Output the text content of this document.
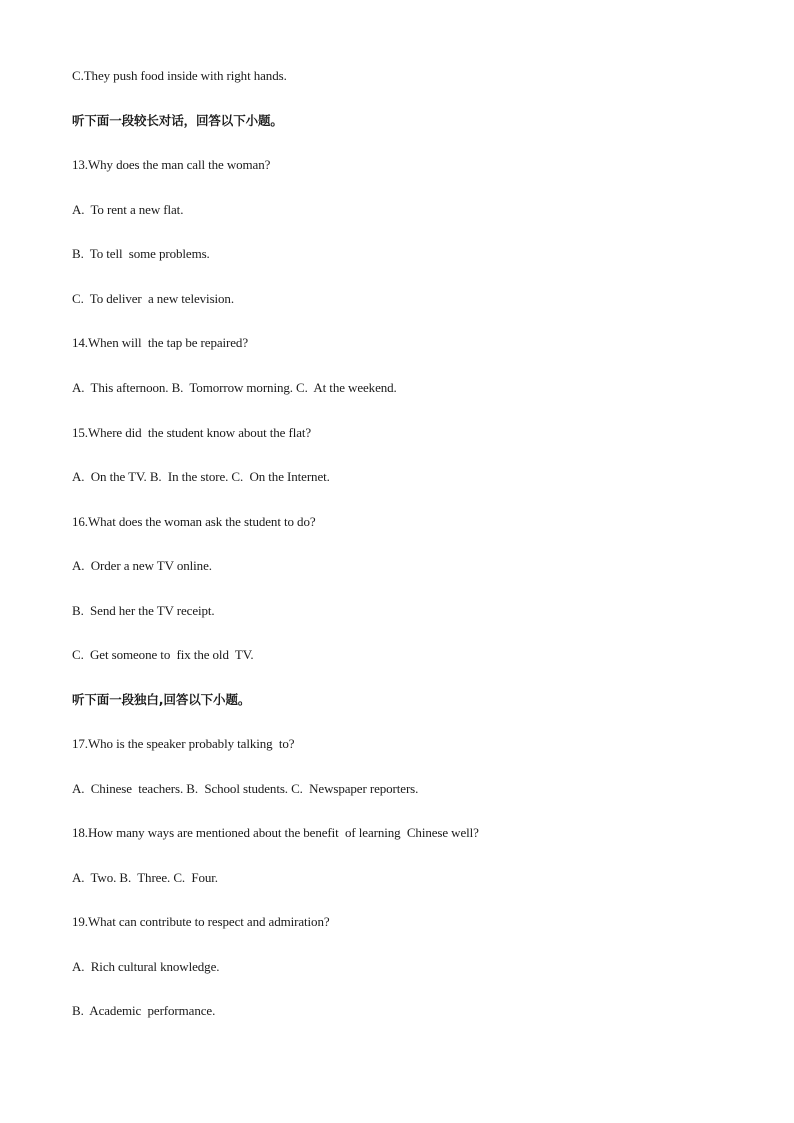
C.They push food inside with right hands.
听下面一段较长对话，回答以下小题。
13.Why does the man call the woman?
A.  To rent a new flat.
B.  To tell  some problems.
C.  To deliver  a new television.
14.When will  the tap be repaired?
A.  This afternoon. B.  Tomorrow morning. C.  At the weekend.
15.Where did  the student know about the flat?
A.  On the TV. B.  In the store. C.  On the Internet.
16.What does the woman ask the student to do?
A.  Order a new TV online.
B.  Send her the TV receipt.
C.  Get someone to  fix the old  TV.
听下面一段独白,回答以下小题。
17.Who is the speaker probably talking  to?
A.  Chinese  teachers. B.  School students. C.  Newspaper reporters.
18.How many ways are mentioned about the benefit  of learning  Chinese well?
A.  Two. B.  Three. C.  Four.
19.What can contribute to respect and admiration?
A.  Rich cultural knowledge.
B.  Academic  performance.
